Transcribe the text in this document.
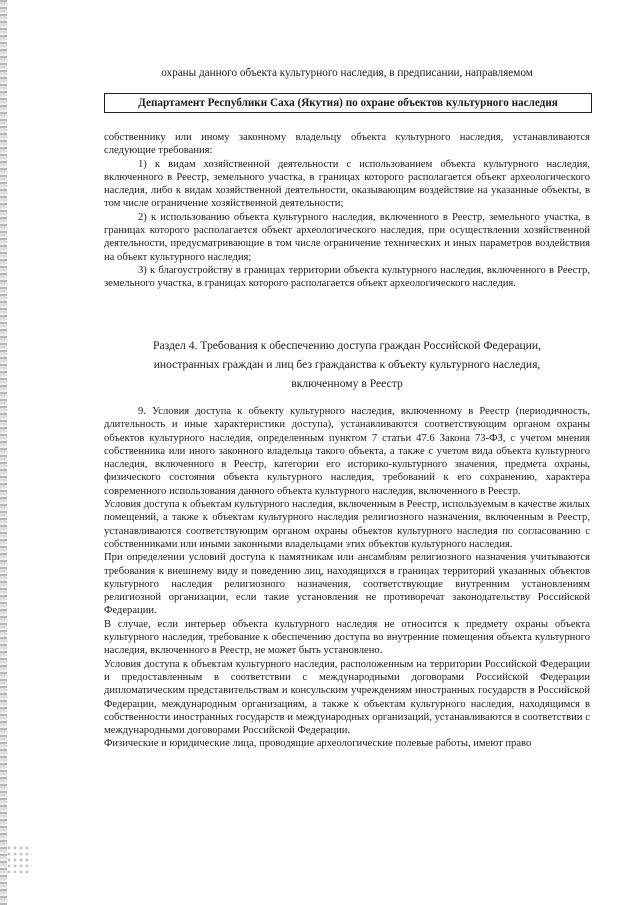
охраны данного объекта культурного наследия, в предписании, направляемом
Департамент Республики Саха (Якутия) по охране объектов культурного наследия

собственнику или иному законному владельцу объекта культурного наследия, устанавливаются следующие требования:

1) к видам хозяйственной деятельности с использованием объекта культурного наследия, включенного в Реестр, земельного участка, в границах которого располагается объект археологического наследия, либо к видам хозяйственной деятельности, оказывающим воздействие на указанные объекты, в том числе ограничение хозяйственной деятельности;

2) к использованию объекта культурного наследия, включенного в Реестр, земельного участка, в границах которого располагается объект археологического наследия, при осуществлении хозяйственной деятельности, предусматривающие в том числе ограничение технических и иных параметров воздействия на объект культурного наследия;

3) к благоустройству в границах территории объекта культурного наследия, включенного в Реестр, земельного участка, в границах которого располагается объект археологического наследия.

Раздел 4. Требования к обеспечению доступа граждан Российской Федерации,
иностранных граждан и лиц без гражданства к объекту культурного наследия,
включенному в Реестр

9. Условия доступа к объекту культурного наследия, включенному в Реестр (периодичность, длительность и иные характеристики доступа), устанавливаются соответствующим органом охраны объектов культурного наследия, определенным пунктом 7 статьи 47.6 Закона 73-ФЗ, с учетом мнения собственника или иного законного владельца такого объекта, а также с учетом вида объекта культурного наследия, включенного в Реестр, категории его историко-культурного значения, предмета охраны, физического состояния объекта культурного наследия, требований к его сохранению, характера современного использования данного объекта культурного наследия, включенного в Реестр.

Условия доступа к объектам культурного наследия, включенным в Реестр, используемым в качестве жилых помещений, а также к объектам культурного наследия религиозного назначения, включенным в Реестр, устанавливаются соответствующим органом охраны объектов культурного наследия по согласованию с собственниками или иными законными владельцами этих объектов культурного наследия.

При определении условий доступа к памятникам или ансамблям религиозного назначения учитываются требования к внешнему виду и поведению лиц, находящихся в границах территорий указанных объектов культурного наследия религиозного назначения, соответствующие внутренним установлениям религиозной организации, если такие установления не противоречат законодательству Российской Федерации.

В случае, если интерьер объекта культурного наследия не относится к предмету охраны объекта культурного наследия, требование к обеспечению доступа во внутренние помещения объекта культурного наследия, включенного в Реестр, не может быть установлено.

Условия доступа к объектам культурного наследия, расположенным на территории Российской Федерации и предоставленным в соответствии с международными договорами Российской Федерации дипломатическим представительствам и консульским учреждениям иностранных государств в Российской Федерации, международным организациям, а также к объектам культурного наследия, находящимся в собственности иностранных государств и международных организаций, устанавливаются в соответствии с международными договорами Российской Федерации.

Физические и юридические лица, проводящие археологические полевые работы, имеют право
